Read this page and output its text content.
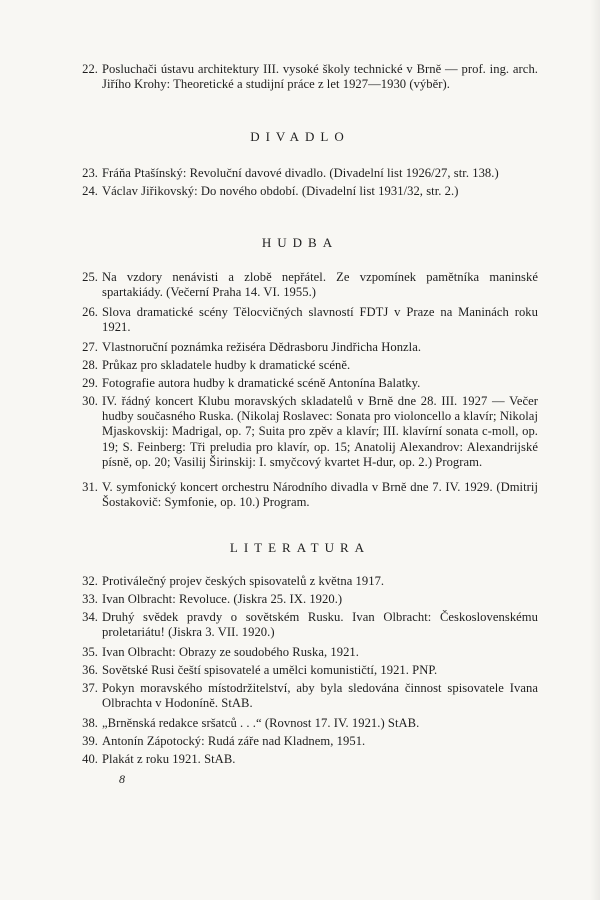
22. Posluchači ústavu architektury III. vysoké školy technické v Brně — prof. ing. arch. Jiřího Krohy: Theoretické a studijní práce z let 1927—1930 (výběr).
DIVADLO
23. Fráňa Ptašínský: Revoluční davové divadlo. (Divadelní list 1926/27, str. 138.)
24. Václav Jiřikovský: Do nového období. (Divadelní list 1931/32, str. 2.)
HUDBA
25. Na vzdory nenávisti a zlobě nepřátel. Ze vzpomínek pamětníka maninské spartakiády. (Večerní Praha 14. VI. 1955.)
26. Slova dramatické scény Tělocvičných slavností FDTJ v Praze na Maninách roku 1921.
27. Vlastnoruční poznámka režiséra Dědrasboru Jindřicha Honzla.
28. Průkaz pro skladatele hudby k dramatické scéně.
29. Fotografie autora hudby k dramatické scéně Antonína Balatky.
30. IV. řádný koncert Klubu moravských skladatelů v Brně dne 28. III. 1927 — Večer hudby současného Ruska. (Nikolaj Roslavec: Sonata pro violoncello a klavír; Nikolaj Mjaskovskij: Madrigal, op. 7; Suita pro zpěv a klavír; III. klavírní sonata c-moll, op. 19; S. Feinberg: Tři preludia pro klavír, op. 15; Anatolij Alexandrov: Alexandrijské písně, op. 20; Vasilij Širinskij: I. smyčcový kvartet H-dur, op. 2.) Program.
31. V. symfonický koncert orchestru Národního divadla v Brně dne 7. IV. 1929. (Dmitrij Šostakovič: Symfonie, op. 10.) Program.
LITERATURA
32. Protiválečný projev českých spisovatelů z května 1917.
33. Ivan Olbracht: Revoluce. (Jiskra 25. IX. 1920.)
34. Druhý svědek pravdy o sovětském Rusku. Ivan Olbracht: Československému proletariátu! (Jiskra 3. VII. 1920.)
35. Ivan Olbracht: Obrazy ze soudobého Ruska, 1921.
36. Sovětské Rusi čeští spisovatelé a umělci komunističtí, 1921. PNP.
37. Pokyn moravského místodržitelství, aby byla sledována činnost spisovatele Ivana Olbrachta v Hodoníně. StAB.
38. „Brněnská redakce sršatců . . .“ (Rovnost 17. IV. 1921.) StAB.
39. Antonín Zápotocký: Rudá záře nad Kladnem, 1951.
40. Plakát z roku 1921. StAB.
8
